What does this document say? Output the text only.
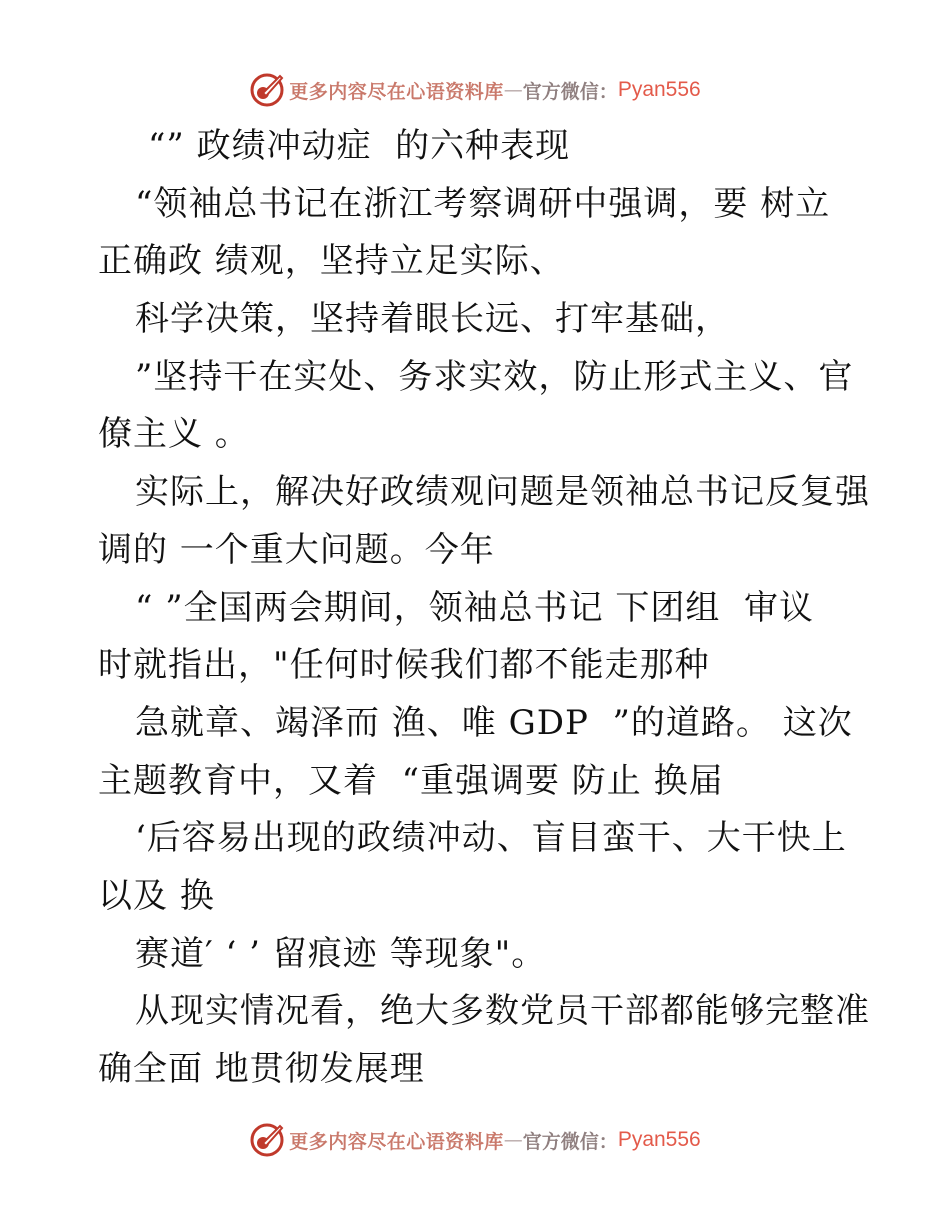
更多内容尽在心语资料库 — 官方微信： Pyan556
“” 政绩冲动症  的六种表现
“领袖总书记在浙江考察调研中强调，要 树立
正确政 绩观，坚持立足实际、
科学决策，坚持着眼长远、打牢基础，
”坚持干在实处、务求实效，防止形式主义、官
僚主义 。
实际上，解决好政绩观问题是领袖总书记反复强
调的 一个重大问题。今年
“ ”全国两会期间，领袖总书记 下团组  审议
时就指出，"任何时候我们都不能走那种
急就章、竭泽而 渔、唯 GDP  ”的道路。 这次
主题教育中，又着  “重强调要 防止 换届
‘后容易出现的政绩冲动、盲目蛮干、大干快上
以及 换
赛道′ ‘ ’ 留痕迹 等现象"。
从现实情况看，绝大多数党员干部都能够完整准
确全面 地贯彻发展理
更多内容尽在心语资料库 — 官方微信： Pyan556
